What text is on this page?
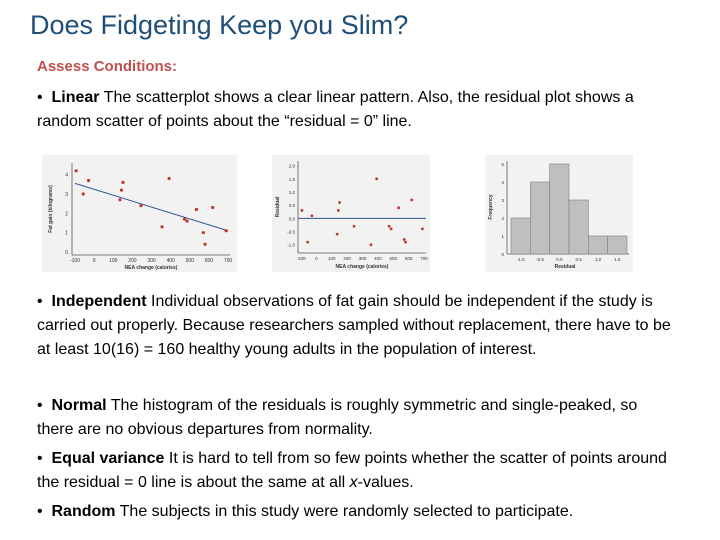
Does Fidgeting Keep you Slim?
Assess Conditions:
• Linear The scatterplot shows a clear linear pattern. Also, the residual plot shows a random scatter of points about the “residual = 0” line.
-100	0	100 200 300 400 500 600 700
0
1
2
3
4
NEA change (calories)
Fat gain (kilograms)
-100 0 100 200 300 400 500 600 700
-1.0
-0.5
0.0
0.5
1.0
1.5
2.0
NEA change (calories)
Residual
-1.0	-0.5	0.0	0.5	1.0	1.5
0
1
2
3
4
5
Residual
Frequency
• Independent Individual observations of fat gain should be independent if the study is carried out properly. Because researchers sampled without replacement, there have to be at least 10(16) = 160 healthy young adults in the population of interest.
• Normal The histogram of the residuals is roughly symmetric and single-peaked, so there are no obvious departures from normality.
• Equal variance It is hard to tell from so few points whether the scatter of points around the residual = 0 line is about the same at all x-values.
• Random The subjects in this study were randomly selected to participate.
